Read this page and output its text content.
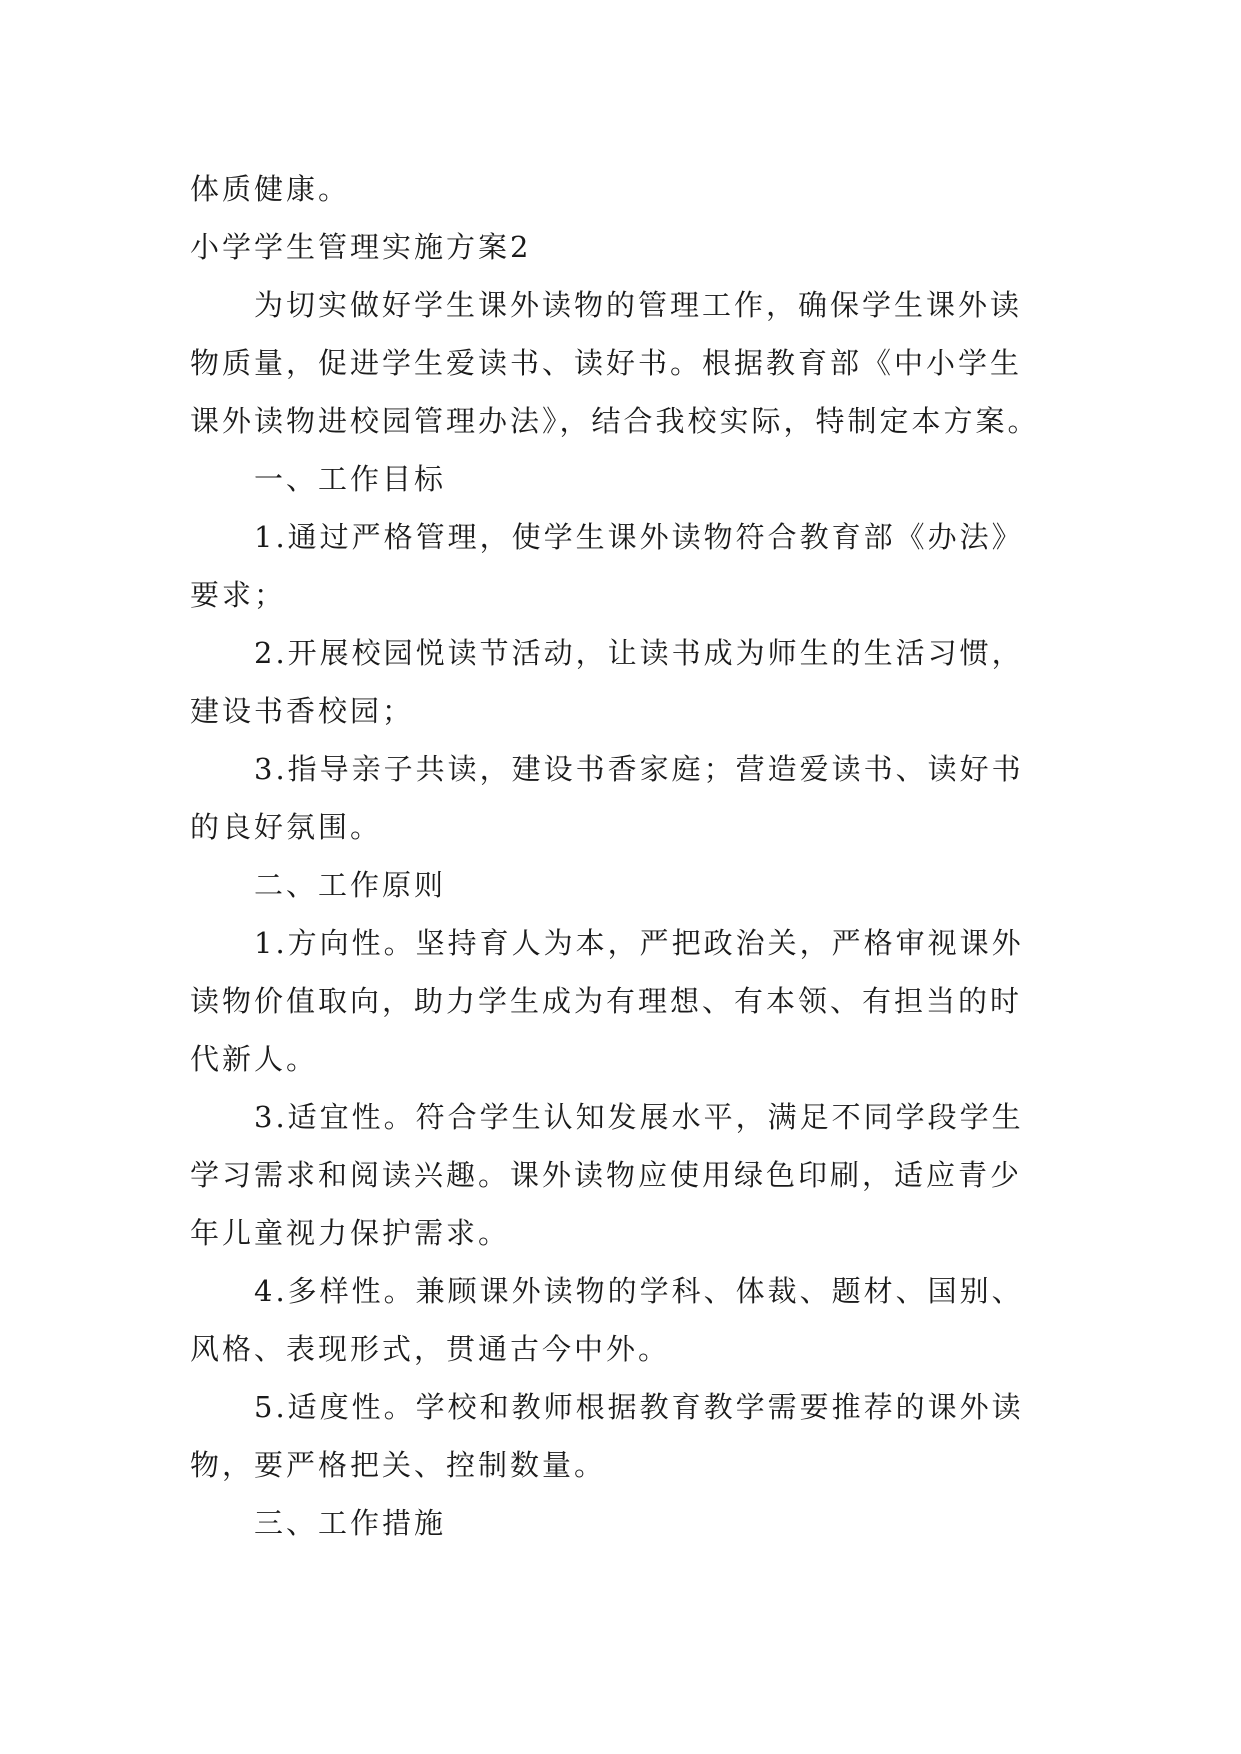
体质健康。

小学学生管理实施方案2

为切实做好学生课外读物的管理工作，确保学生课外读物质量，促进学生爱读书、读好书。根据教育部《中小学生课外读物进校园管理办法》，结合我校实际，特制定本方案。

一、工作目标

1.通过严格管理，使学生课外读物符合教育部《办法》要求；

2.开展校园悦读节活动，让读书成为师生的生活习惯，建设书香校园；

3.指导亲子共读，建设书香家庭；营造爱读书、读好书的良好氛围。

二、工作原则

1.方向性。坚持育人为本，严把政治关，严格审视课外读物价值取向，助力学生成为有理想、有本领、有担当的时代新人。

3.适宜性。符合学生认知发展水平，满足不同学段学生学习需求和阅读兴趣。课外读物应使用绿色印刷，适应青少年儿童视力保护需求。

4.多样性。兼顾课外读物的学科、体裁、题材、国别、风格、表现形式，贯通古今中外。

5.适度性。学校和教师根据教育教学需要推荐的课外读物，要严格把关、控制数量。

三、工作措施
